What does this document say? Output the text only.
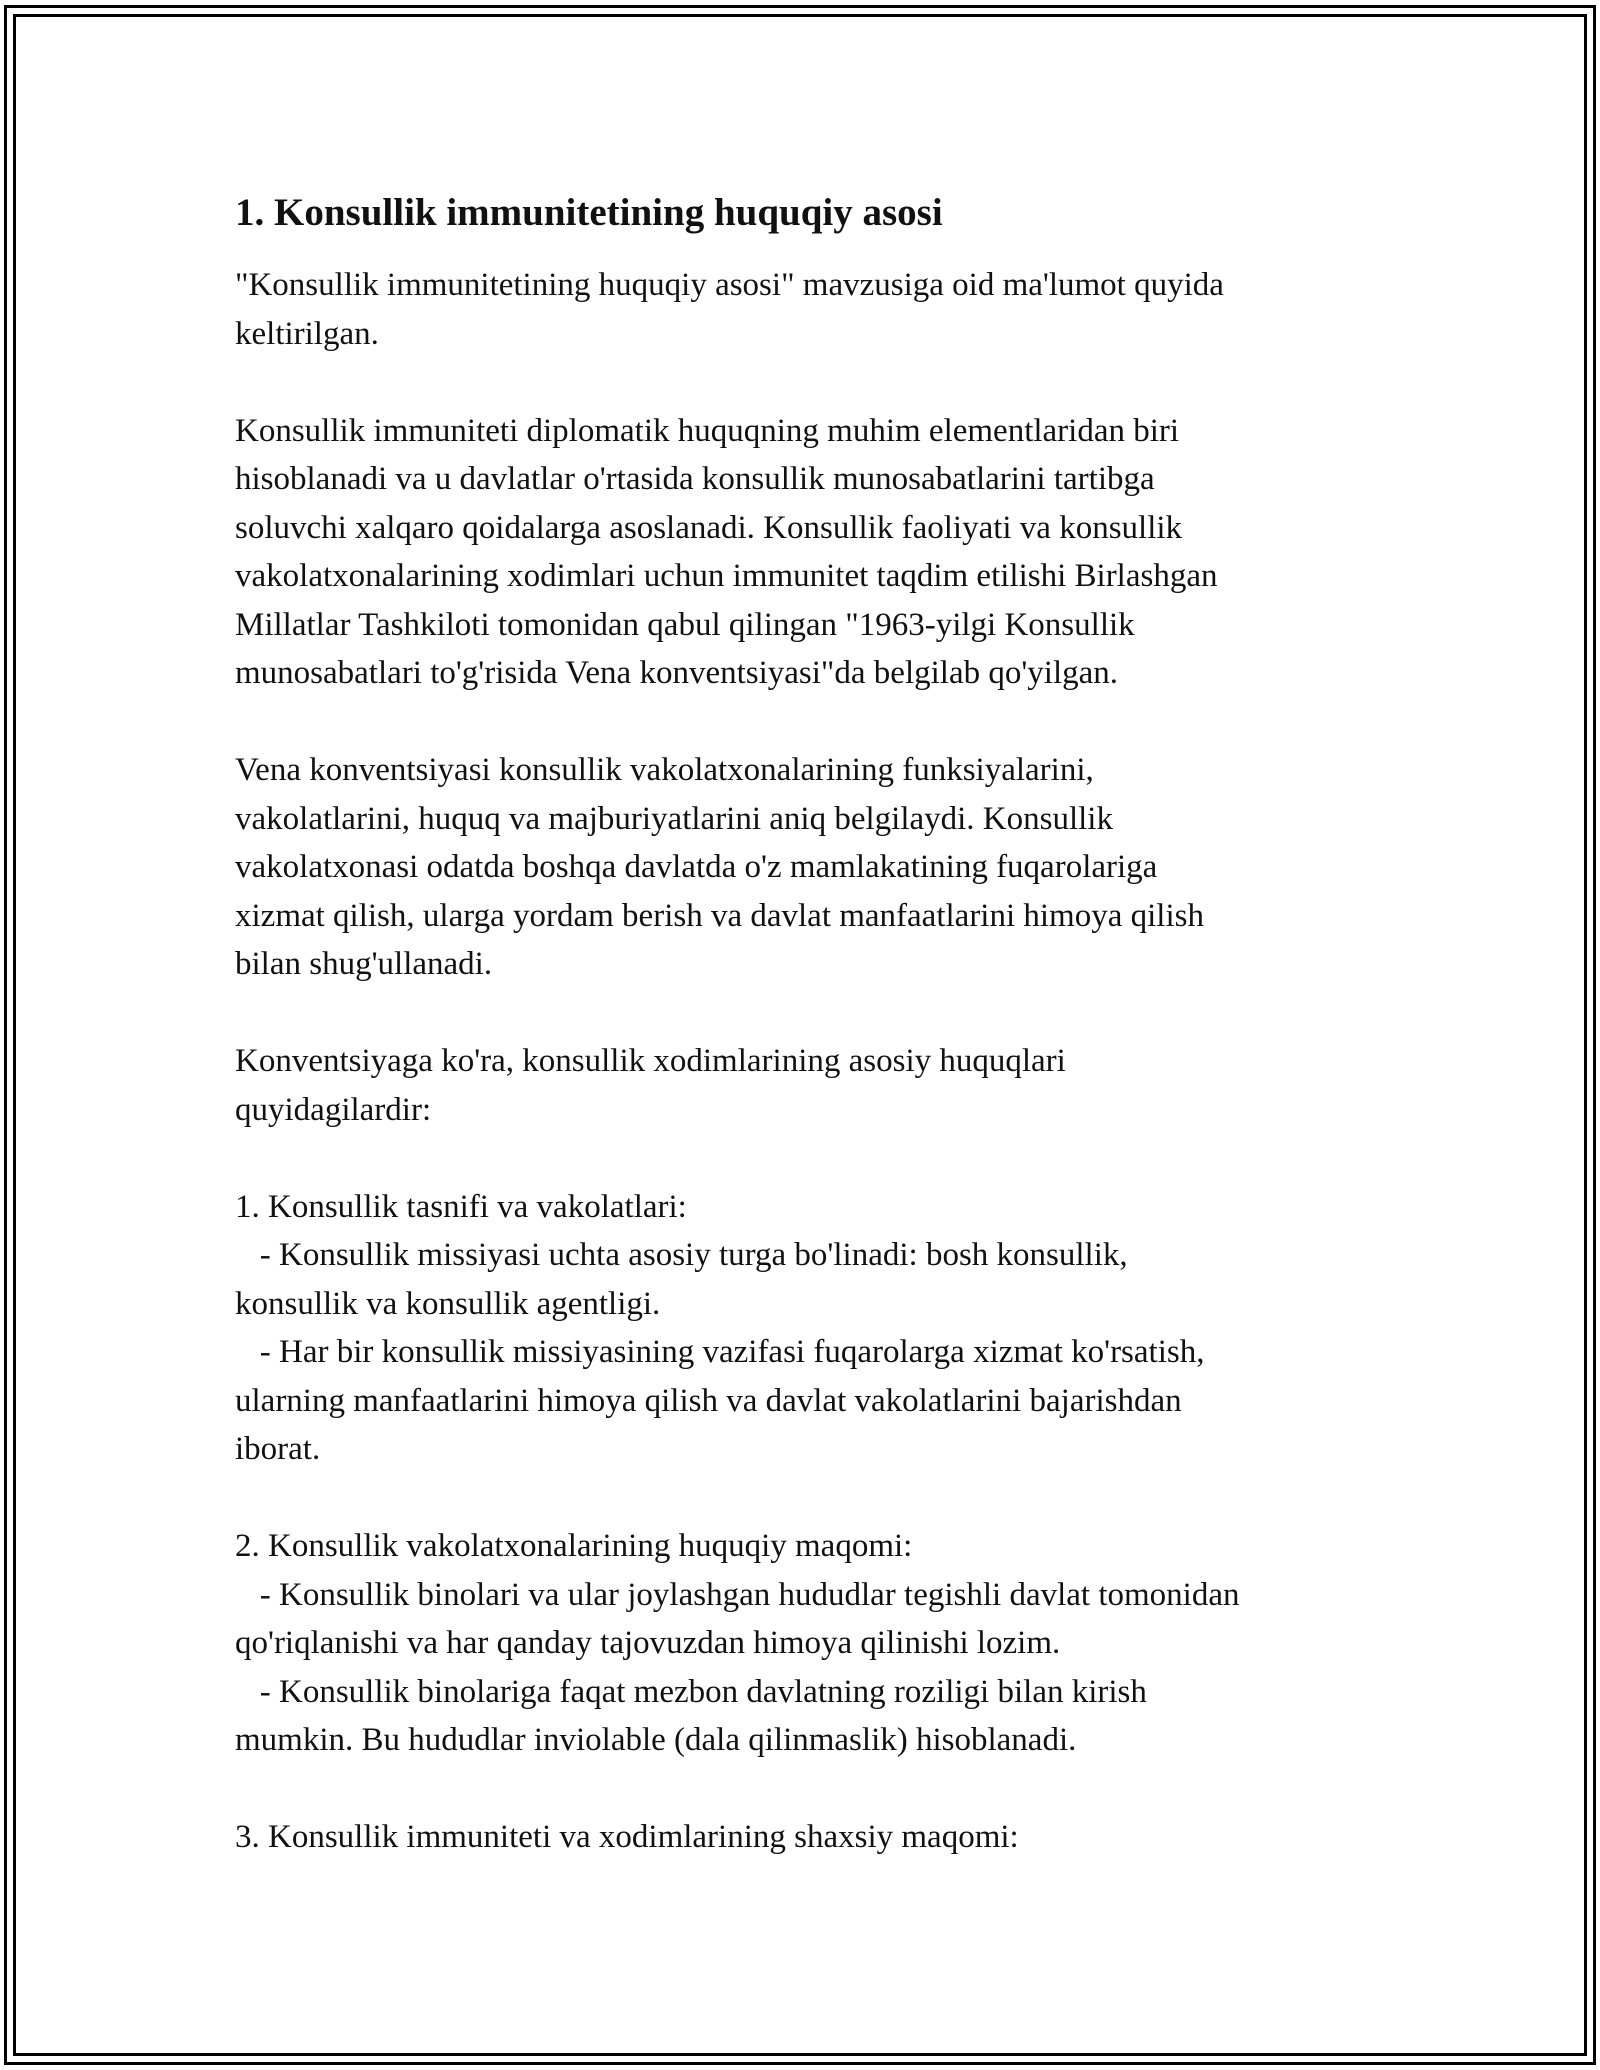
1. Konsullik immunitetining huquqiy asosi
"Konsullik immunitetining huquqiy asosi" mavzusiga oid ma'lumot quyida
keltirilgan.
Konsullik immuniteti diplomatik huquqning muhim elementlaridan biri
hisoblanadi va u davlatlar o'rtasida konsullik munosabatlarini tartibga
soluvchi xalqaro qoidalarga asoslanadi. Konsullik faoliyati va konsullik
vakolatxonalarining xodimlari uchun immunitet taqdim etilishi Birlashgan
Millatlar Tashkiloti tomonidan qabul qilingan "1963-yilgi Konsullik
munosabatlari to'g'risida Vena konventsiyasi"da belgilab qo'yilgan.
Vena konventsiyasi konsullik vakolatxonalarining funksiyalarini,
vakolatlarini, huquq va majburiyatlarini aniq belgilaydi. Konsullik
vakolatxonasi odatda boshqa davlatda o'z mamlakatining fuqarolariga
xizmat qilish, ularga yordam berish va davlat manfaatlarini himoya qilish
bilan shug'ullanadi.
Konventsiyaga ko'ra, konsullik xodimlarining asosiy huquqlari
quyidagilardir:
1. Konsullik tasnifi va vakolatlari:
- Konsullik missiyasi uchta asosiy turga bo'linadi: bosh konsullik,
konsullik va konsullik agentligi.
- Har bir konsullik missiyasining vazifasi fuqarolarga xizmat ko'rsatish,
ularning manfaatlarini himoya qilish va davlat vakolatlarini bajarishdan
iborat.
2. Konsullik vakolatxonalarining huquqiy maqomi:
- Konsullik binolari va ular joylashgan hududlar tegishli davlat tomonidan
qo'riqlanishi va har qanday tajovuzdan himoya qilinishi lozim.
- Konsullik binolariga faqat mezbon davlatning roziligi bilan kirish
mumkin. Bu hududlar inviolable (dala qilinmaslik) hisoblanadi.
3. Konsullik immuniteti va xodimlarining shaxsiy maqomi:
